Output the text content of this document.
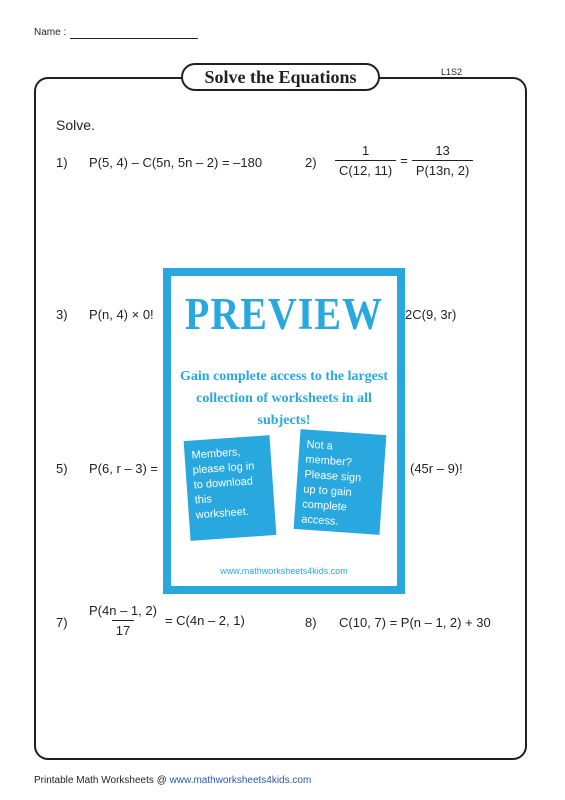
Name :
L1S2
Solve the Equations
Solve.
1) P(5, 4) – C(5n, 5n – 2) = –180	$2) \frac{1}{C(12, 11)} = \frac{13}{P(13n, 2)}$
3) P(n, 4) × 0!	2C(9, 3r)
5) P(6, r – 3) =	(45r – 9)!
$7) \frac{P(4n - 1, 2)}{17} = C(4n - 2$, 1)	8) C(10, 7) = P(n – 1, 2) + 30
PREVIEW
Gain complete access to the largest
collection of worksheets in all subjects!
Members, please log in to download this worksheet.
Not a member? Please sign up to gain complete access.
www.mathworksheets4kids.com
Printable Math Worksheets @ www.mathworksheets4kids.com
